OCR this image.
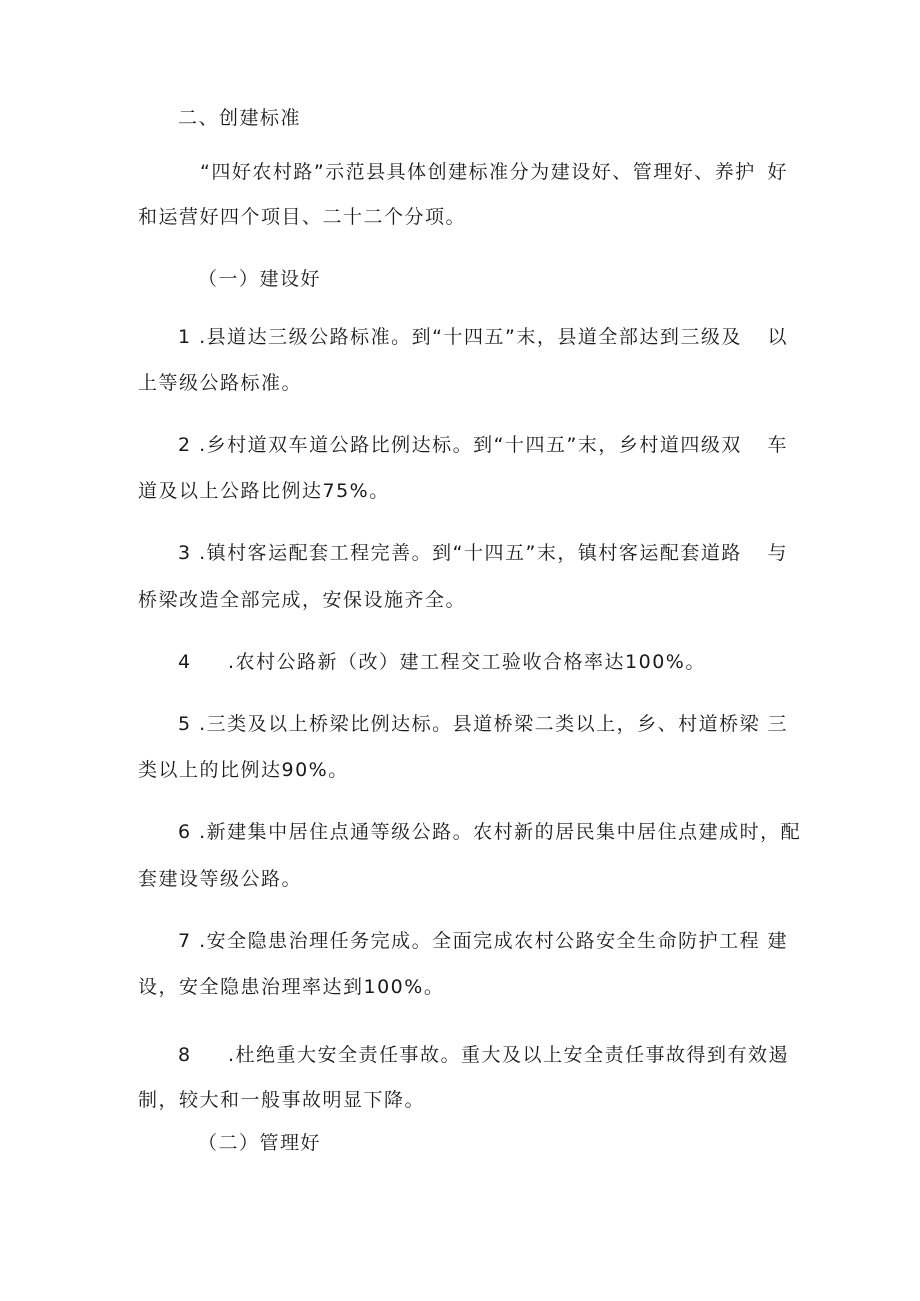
二、创建标准
“四好农村路”示范县具体创建标准分为建设好、管理好、养护 好
和运营好四个项目、二十二个分项。
（一）建设好
1 .县道达三级公路标准。到“十四五”末，县道全部达到三级及 以
上等级公路标准。
2 .乡村道双车道公路比例达标。到“十四五”末，乡村道四级双 车
道及以上公路比例达75%。
3 .镇村客运配套工程完善。到“十四五”末，镇村客运配套道路 与
桥梁改造全部完成，安保设施齐全。
4 .农村公路新（改）建工程交工验收合格率达100%。
5 .三类及以上桥梁比例达标。县道桥梁二类以上，乡、村道桥梁 三
类以上的比例达90%。
6 .新建集中居住点通等级公路。农村新的居民集中居住点建成时， 配
套建设等级公路。
7 .安全隐患治理任务完成。全面完成农村公路安全生命防护工程 建
设，安全隐患治理率达到100%。
8 .杜绝重大安全责任事故。重大及以上安全责任事故得到有效遏
制，较大和一般事故明显下降。
（二）管理好
